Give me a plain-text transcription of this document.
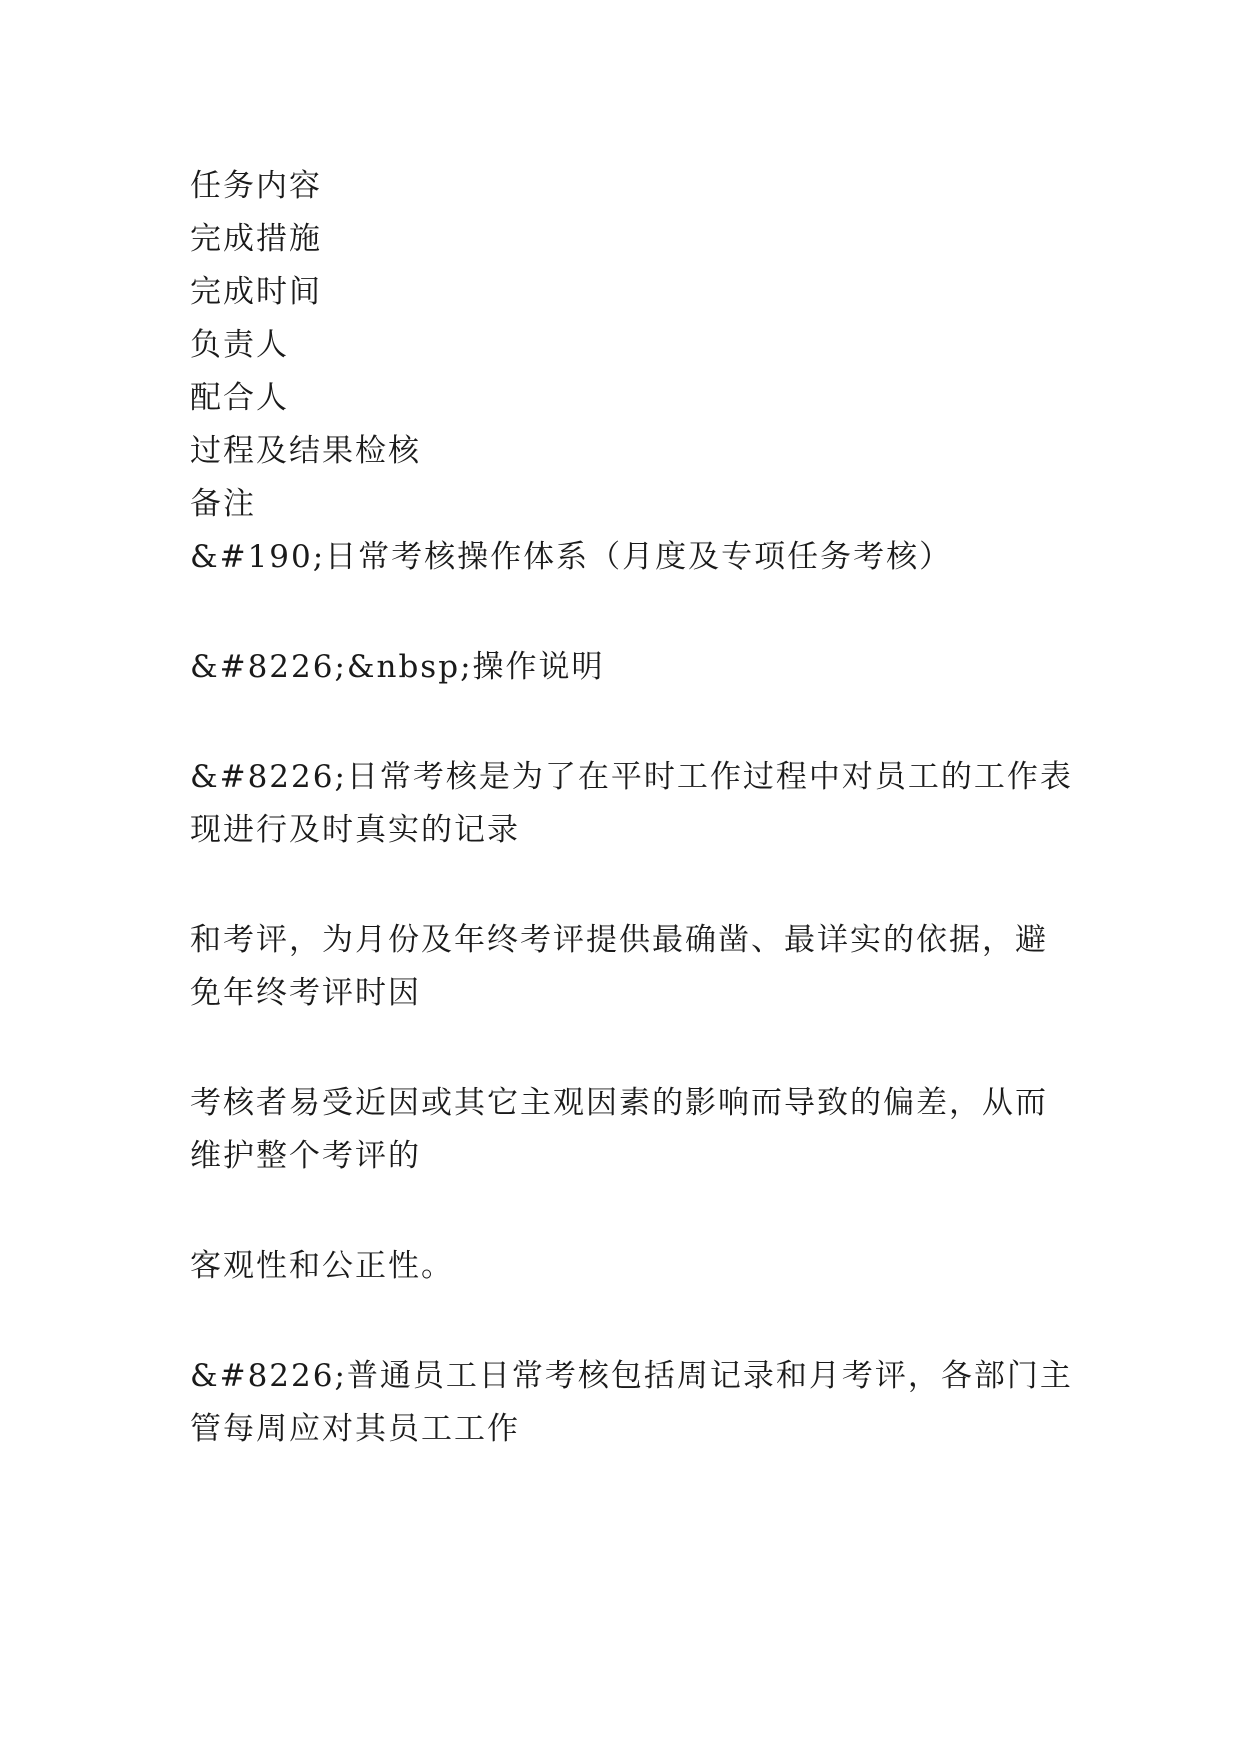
任务内容
完成措施
完成时间
负责人
配合人
过程及结果检核
备注
&#190;日常考核操作体系（月度及专项任务考核）
&#8226;&nbsp;操作说明
&#8226;日常考核是为了在平时工作过程中对员工的工作表
现进行及时真实的记录
和考评，为月份及年终考评提供最确凿、最详实的依据，避
免年终考评时因
考核者易受近因或其它主观因素的影响而导致的偏差，从而
维护整个考评的
客观性和公正性。
&#8226;普通员工日常考核包括周记录和月考评，各部门主
管每周应对其员工工作
